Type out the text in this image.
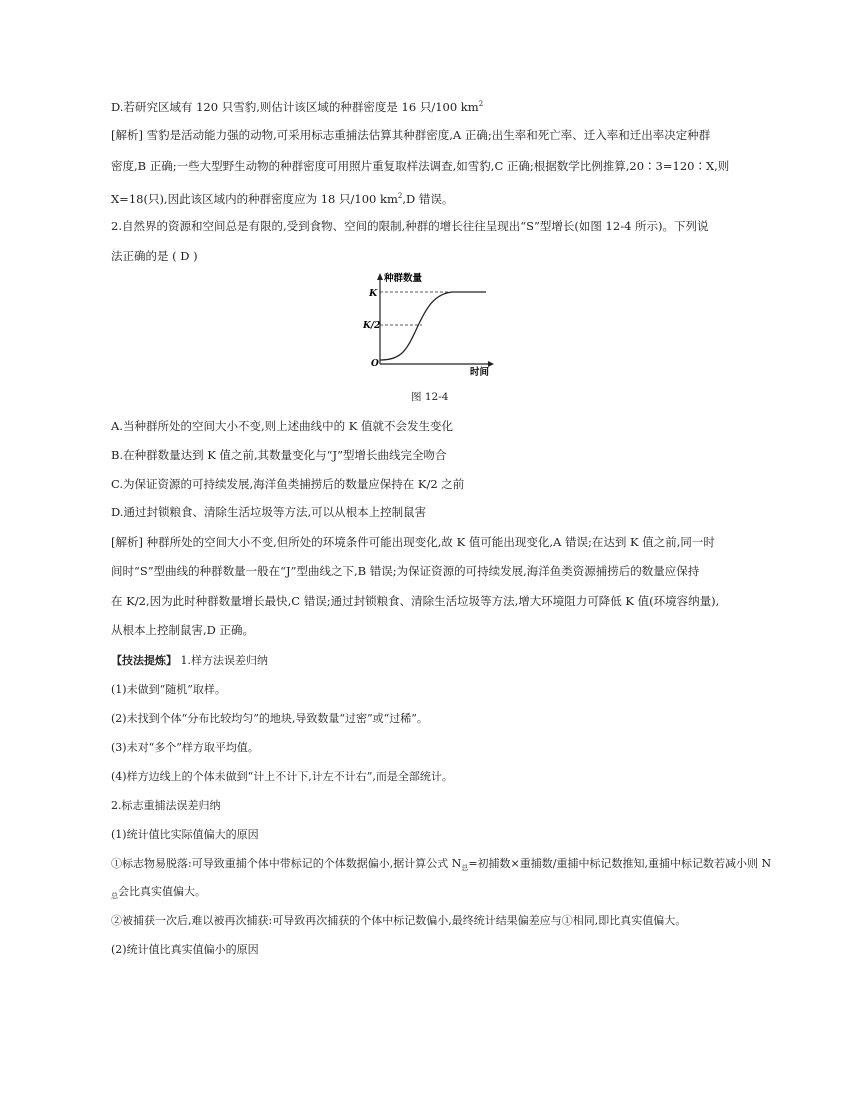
D.若研究区域有 120 只雪豹,则估计该区域的种群密度是 16 只/100 $km^2$
[解析] 雪豹是活动能力强的动物,可采用标志重捕法估算其种群密度,A 正确;出生率和死亡率、迁入率和迁出率决定种群
密度,B 正确;一些大型野生动物的种群密度可用照片重复取样法调查,如雪豹,C 正确;根据数学比例推算,20∶3=120∶X,则
X=18(只),因此该区域内的种群密度应为 18 只/100 $km^2,D$ 错误。
2.自然界的资源和空间总是有限的,受到食物、空间的限制,种群的增长往往呈现出“S”型增长(如图 12-4 所示)。下列说
法正确的是 ( D )
种群数量
时间
K
K/2
O
图 12-4
A.当种群所处的空间大小不变,则上述曲线中的 K 值就不会发生变化
B.在种群数量达到 K 值之前,其数量变化与“J”型增长曲线完全吻合
C.为保证资源的可持续发展,海洋鱼类捕捞后的数量应保持在 K/2 之前
D.通过封锁粮食、清除生活垃圾等方法,可以从根本上控制鼠害
[解析] 种群所处的空间大小不变,但所处的环境条件可能出现变化,故 K 值可能出现变化,A 错误;在达到 K 值之前,同一时
间时“S”型曲线的种群数量一般在“J”型曲线之下,B 错误;为保证资源的可持续发展,海洋鱼类资源捕捞后的数量应保持
在 K/2,因为此时种群数量增长最快,C 错误;通过封锁粮食、清除生活垃圾等方法,增大环境阻力可降低 K 值(环境容纳量),
从根本上控制鼠害,D 正确。
【技法提炼】 1.样方法误差归纳
(1)未做到“随机”取样。
(2)未找到个体“分布比较均匀”的地块,导致数量“过密”或“过稀”。
(3)未对“多个”样方取平均值。
(4)样方边线上的个体未做到“计上不计下,计左不计右”,而是全部统计。
2.标志重捕法误差归纳
(1)统计值比实际值偏大的原因
①标志物易脱落:可导致重捕个体中带标记的个体数据偏小,据计算公式 $N_总=$初捕数×重捕数/重捕中标记数推知,重捕中标记数若减小则 N
$_总$会比真实值偏大。
②被捕获一次后,难以被再次捕获:可导致再次捕获的个体中标记数偏小,最终统计结果偏差应与①相同,即比真实值偏大。
(2)统计值比真实值偏小的原因
